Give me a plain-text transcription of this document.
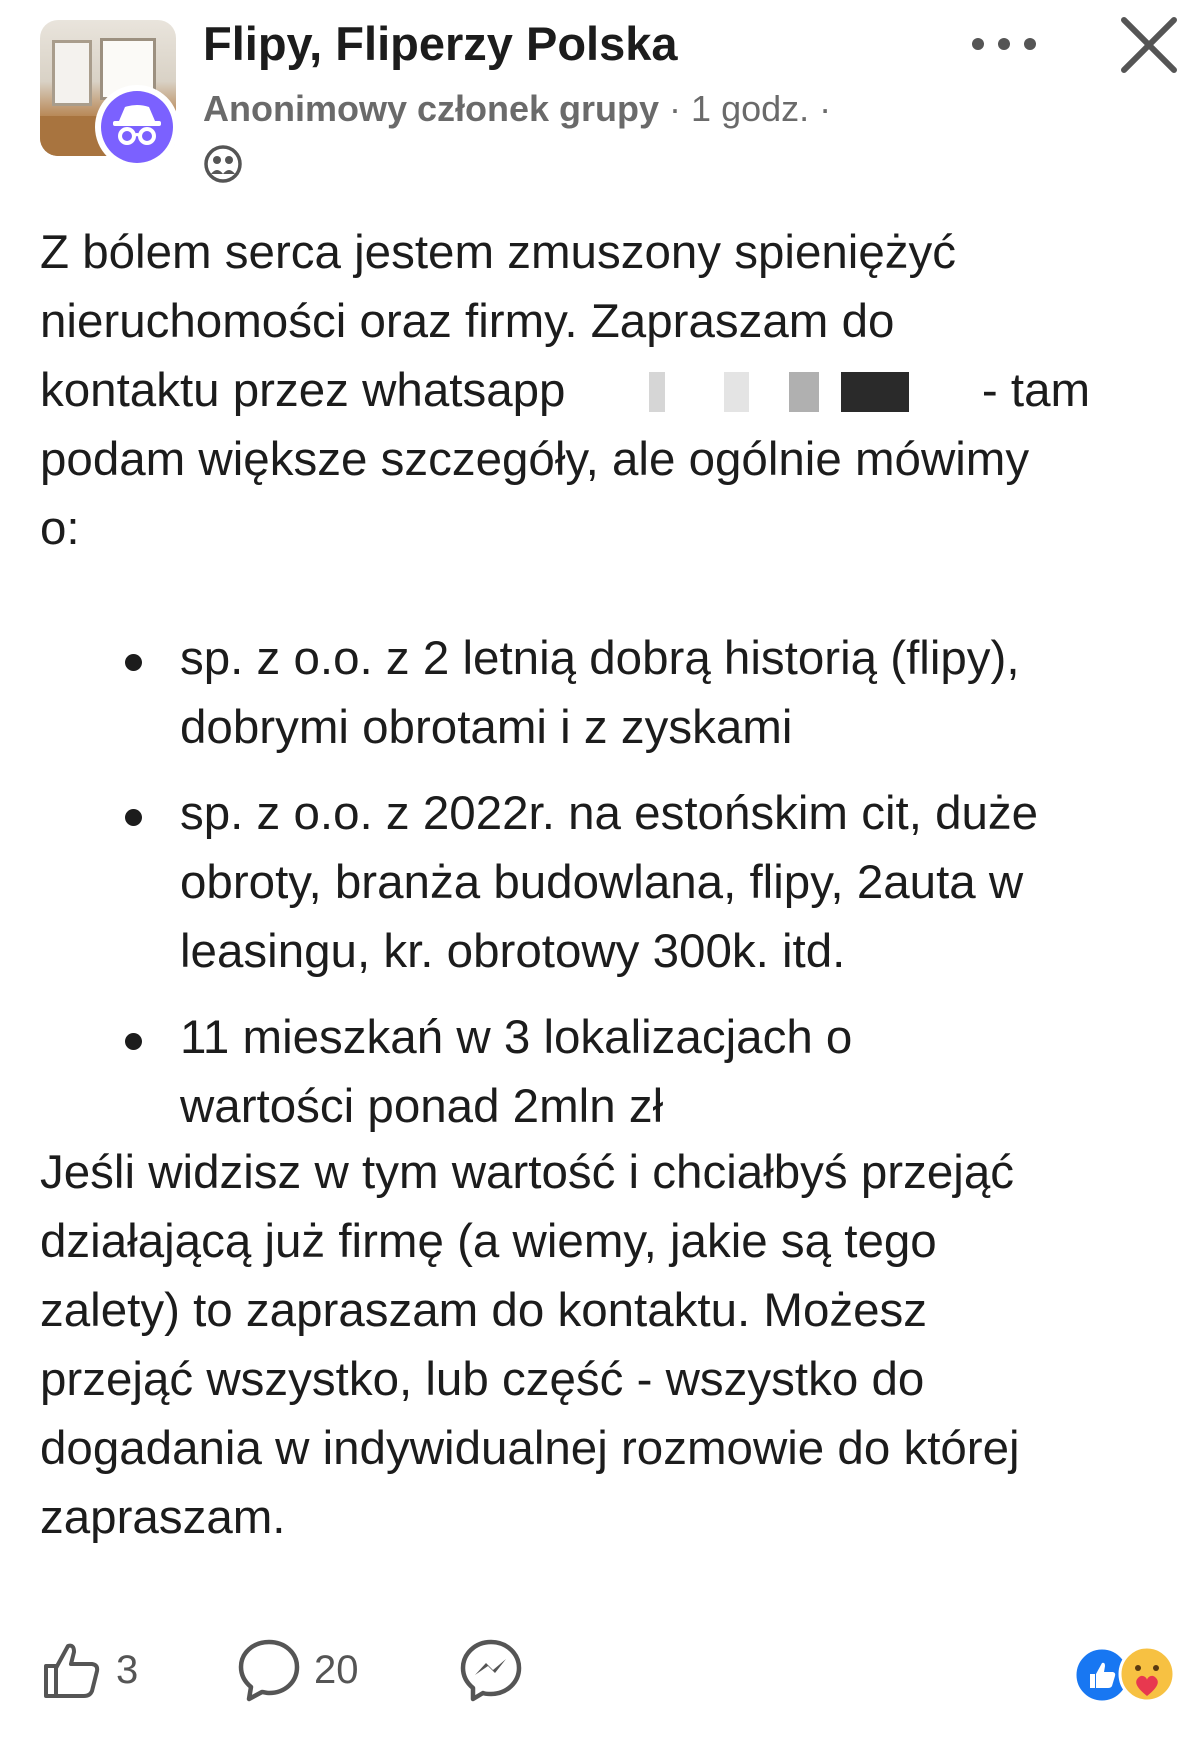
Flipy, Fliperzy Polska
Anonimowy członek grupy · 1 godz. ·

Z bólem serca jestem zmuszony spieniężyć

nieruchomości oraz firmy. Zapraszam do

kontaktu przez whatsapp	- tam

podam większe szczegóły, ale ogólnie mówimy

o:

sp. z o.o. z 2 letnią dobrą historią (flipy),
dobrymi obrotami i z zyskami
sp. z o.o. z 2022r. na estońskim cit, duże
obroty, branża budowlana, flipy, 2auta w
leasingu, kr. obrotowy 300k. itd.
11 mieszkań w 3 lokalizacjach o
wartości ponad 2mln zł

Jeśli widzisz w tym wartość i chciałbyś przejąć

działającą już firmę (a wiemy, jakie są tego

zalety) to zapraszam do kontaktu. Możesz

przejąć wszystko, lub część - wszystko do

dogadania w indywidualnej rozmowie do której

zapraszam.

3	20
